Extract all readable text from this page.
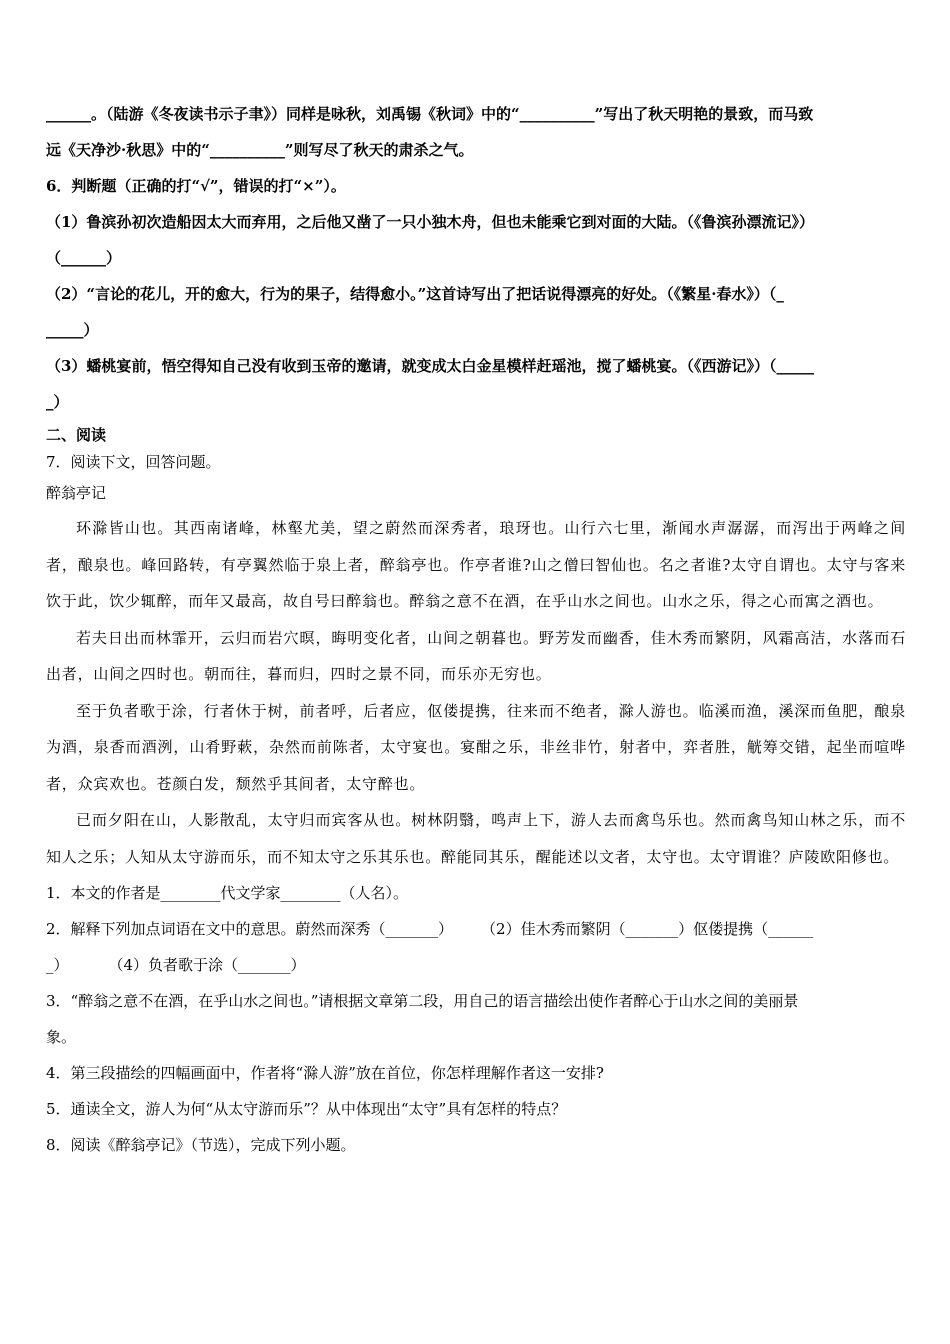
______。（陆游《冬夜读书示子聿》）同样是咏秋，刘禹锡《秋词》中的“__________”写出了秋天明艳的景致，而马致
远《天净沙·秋思》中的“__________”则写尽了秋天的肃杀之气。
6．判断题（正确的打“√”，错误的打“×”）。
（1）鲁滨孙初次造船因太大而弃用，之后他又凿了一只小独木舟，但也未能乘它到对面的大陆。（《鲁滨孙漂流记》）
（______）
（2）“言论的花儿，开的愈大，行为的果子，结得愈小。”这首诗写出了把话说得漂亮的好处。（《繁星·春水》）（_
_____）
（3）蟠桃宴前，悟空得知自己没有收到玉帝的邀请，就变成太白金星模样赶瑶池，搅了蟠桃宴。（《西游记》）（_____
_）
二、阅读
7．阅读下文，回答问题。
醉翁亭记

环滁皆山也。其西南诸峰，林壑尤美，望之蔚然而深秀者，琅玡也。山行六七里，渐闻水声潺潺，而泻出于两峰之间者，酿泉也。峰回路转，有亭翼然临于泉上者，醉翁亭也。作亭者谁?山之僧曰智仙也。名之者谁?太守自谓也。太守与客来饮于此，饮少辄醉，而年又最高，故自号曰醉翁也。醉翁之意不在酒，在乎山水之间也。山水之乐，得之心而寓之酒也。

若夫日出而林霏开，云归而岩穴暝，晦明变化者，山间之朝暮也。野芳发而幽香，佳木秀而繁阴，风霜高洁，水落而石出者，山间之四时也。朝而往，暮而归，四时之景不同，而乐亦无穷也。

至于负者歌于涂，行者休于树，前者呼，后者应，伛偻提携，往来而不绝者，滁人游也。临溪而渔，溪深而鱼肥，酿泉为酒，泉香而酒洌，山肴野蔌，杂然而前陈者，太守宴也。宴酣之乐，非丝非竹，射者中，弈者胜，觥筹交错，起坐而喧哗者，众宾欢也。苍颜白发，颓然乎其间者，太守醉也。

已而夕阳在山，人影散乱，太守归而宾客从也。树林阴翳，鸣声上下，游人去而禽鸟乐也。然而禽鸟知山林之乐，而不知人之乐；人知从太守游而乐，而不知太守之乐其乐也。醉能同其乐，醒能述以文者，太守也。太守谓谁？庐陵欧阳修也。

1．本文的作者是________代文学家________（人名）。
2．解释下列加点词语在文中的意思。蔚然而深秀（_______） （2）佳木秀而繁阴（_______）伛偻提携（______
_）	（4）负者歌于涂（_______）
3．“醉翁之意不在酒，在乎山水之间也。”请根据文章第二段，用自己的语言描绘出使作者醉心于山水之间的美丽景
象。
4．第三段描绘的四幅画面中，作者将“滁人游”放在首位，你怎样理解作者这一安排?
5．通读全文，游人为何“从太守游而乐”？从中体现出“太守”具有怎样的特点？
8．阅读《醉翁亭记》（节选），完成下列小题。
